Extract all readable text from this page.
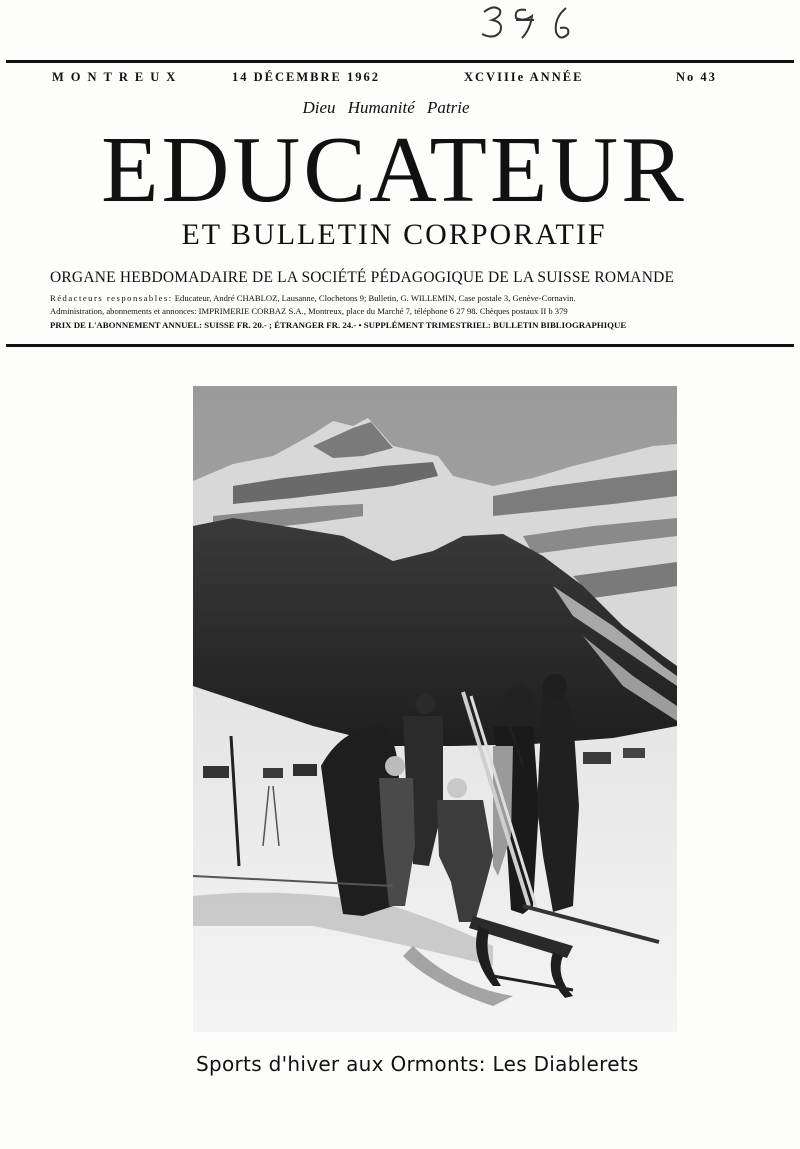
MONTREUX	14 DÉCEMBRE 1962	XCVIIIe ANNÉE	No 43
Dieu Humanité Patrie
EDUCATEUR
ET BULLETIN CORPORATIF
ORGANE HEBDOMADAIRE DE LA SOCIÉTÉ PÉDAGOGIQUE DE LA SUISSE ROMANDE
Rédacteurs responsables: Educateur, André CHABLOZ, Lausanne, Clochetons 9; Bulletin, G. WILLEMIN, Case postale 3, Genève-Cornavin.
Administration, abonnements et annonces: IMPRIMERIE CORBAZ S.A., Montreux, place du Marché 7, téléphone 6 27 98. Chèques postaux II b 379
PRIX DE L'ABONNEMENT ANNUEL: SUISSE FR. 20.- ; ÉTRANGER FR. 24.- • SUPPLÉMENT TRIMESTRIEL: BULLETIN BIBLIOGRAPHIQUE
Sports d'hiver aux Ormonts: Les Diablerets
